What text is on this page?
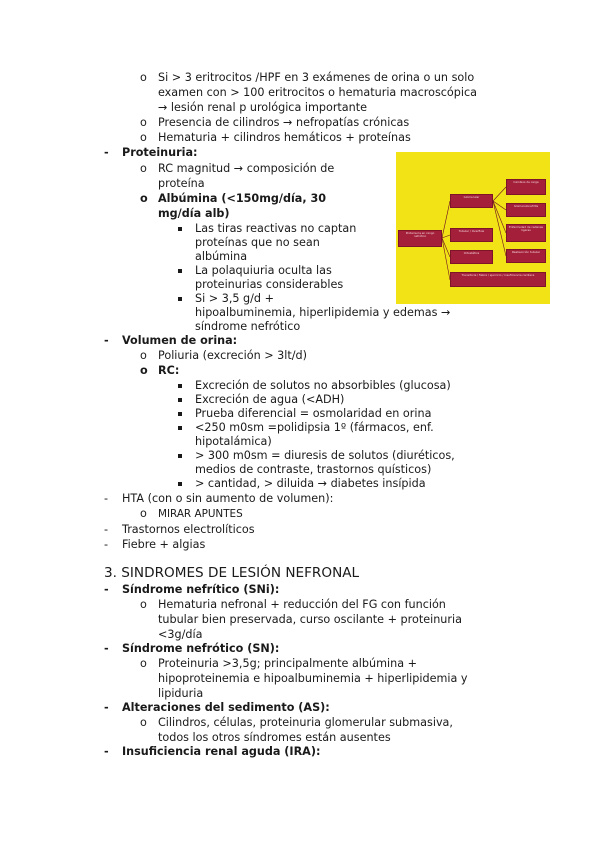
o Si > 3 eritrocitos /HPF en 3 exámenes de orina o un solo
examen con > 100 eritrocitos o hematuria macroscópica
→ lesión renal p urológica importante
o Presencia de cilindros → nefropatías crónicas
o Hematuria + cilindros hemáticos + proteínas
- Proteinuria:
o RC magnitud → composición de
proteína
o Albúmina (<150mg/día, 30
mg/día alb)
Las tiras reactivas no captan
proteínas que no sean
albúmina
La polaquiuria oculta las
proteinurias considerables
Si > 3,5 g/d +
hipoalbuminemia, hiperlipidemia y edemas →
síndrome nefrótico
- Volumen de orina:
o Poliuria (excreción > 3lt/d)
o RC:
Excreción de solutos no absorbibles (glucosa)
Excreción de agua (<ADH)
Prueba diferencial = osmolaridad en orina
<250 m0sm =polidipsia 1º (fármacos, enf.
hipotalámica)
> 300 m0sm = diuresis de solutos (diuréticos,
medios de contraste, trastornos quísticos)
> cantidad, > diluida → diabetes insípida
- HTA (con o sin aumento de volumen):
o MIRAR APUNTES
- Trastornos electrolíticos
- Fiebre + algias
3. SINDROMES DE LESIÓN NEFRONAL
- Síndrome nefrítico (SNi):
o Hematuria nefronal + reducción del FG con función
tubular bien preservada, curso oscilante + proteinuria
<3g/día
- Síndrome nefrótico (SN):
o Proteinuria >3,5g; principalmente albúmina +
hipoproteinemia e hipoalbuminemia + hiperlipidemia y
lipiduria
- Alteraciones del sedimento (AS):
o Cilindros, células, proteinuria glomerular submasiva,
todos los otros síndromes están ausentes
- Insuficiencia renal aguda (IRA):
Proteinuria en rango nefrótico
Glomerular
Tubular / Overflow
Ortostática
Transitoria / fiebre / ejercicio / insuficiencia cardíaca
Cambios de carga
Glomerulonefritis
Enfermedad de cadenas ligeras
Reabsorción tubular
